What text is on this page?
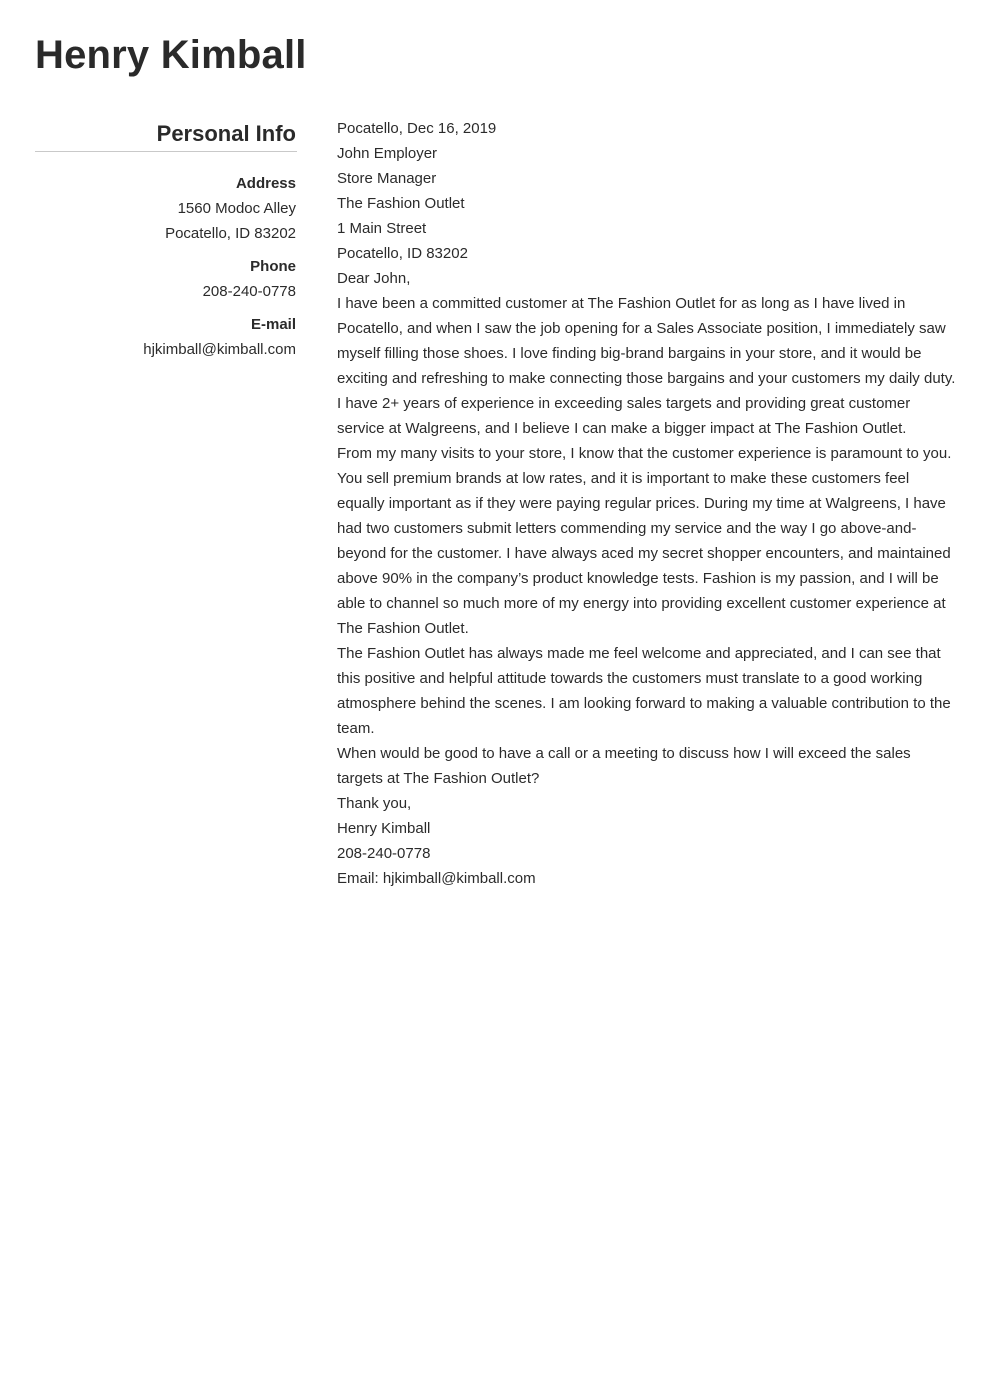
Henry Kimball
Personal Info
Address
1560 Modoc Alley
Pocatello, ID 83202
Phone
208-240-0778
E-mail
hjkimball@kimball.com

Pocatello, Dec 16, 2019

John Employer
Store Manager
The Fashion Outlet
1 Main Street
Pocatello, ID 83202

Dear John,

I have been a committed customer at The Fashion Outlet for as long as I have lived in Pocatello, and when I saw the job opening for a Sales Associate position, I immediately saw myself filling those shoes. I love finding big-brand bargains in your store, and it would be exciting and refreshing to make connecting those bargains and your customers my daily duty. I have 2+ years of experience in exceeding sales targets and providing great customer service at Walgreens, and I believe I can make a bigger impact at The Fashion Outlet.

From my many visits to your store, I know that the customer experience is paramount to you. You sell premium brands at low rates, and it is important to make these customers feel equally important as if they were paying regular prices. During my time at Walgreens, I have had two customers submit letters commending my service and the way I go above-and-beyond for the customer. I have always aced my secret shopper encounters, and maintained above 90% in the company’s product knowledge tests. Fashion is my passion, and I will be able to channel so much more of my energy into providing excellent customer experience at The Fashion Outlet.

The Fashion Outlet has always made me feel welcome and appreciated, and I can see that this positive and helpful attitude towards the customers must translate to a good working atmosphere behind the scenes. I am looking forward to making a valuable contribution to the team.

When would be good to have a call or a meeting to discuss how I will exceed the sales targets at The Fashion Outlet?

Thank you,

Henry Kimball
208-240-0778
Email: hjkimball@kimball.com
